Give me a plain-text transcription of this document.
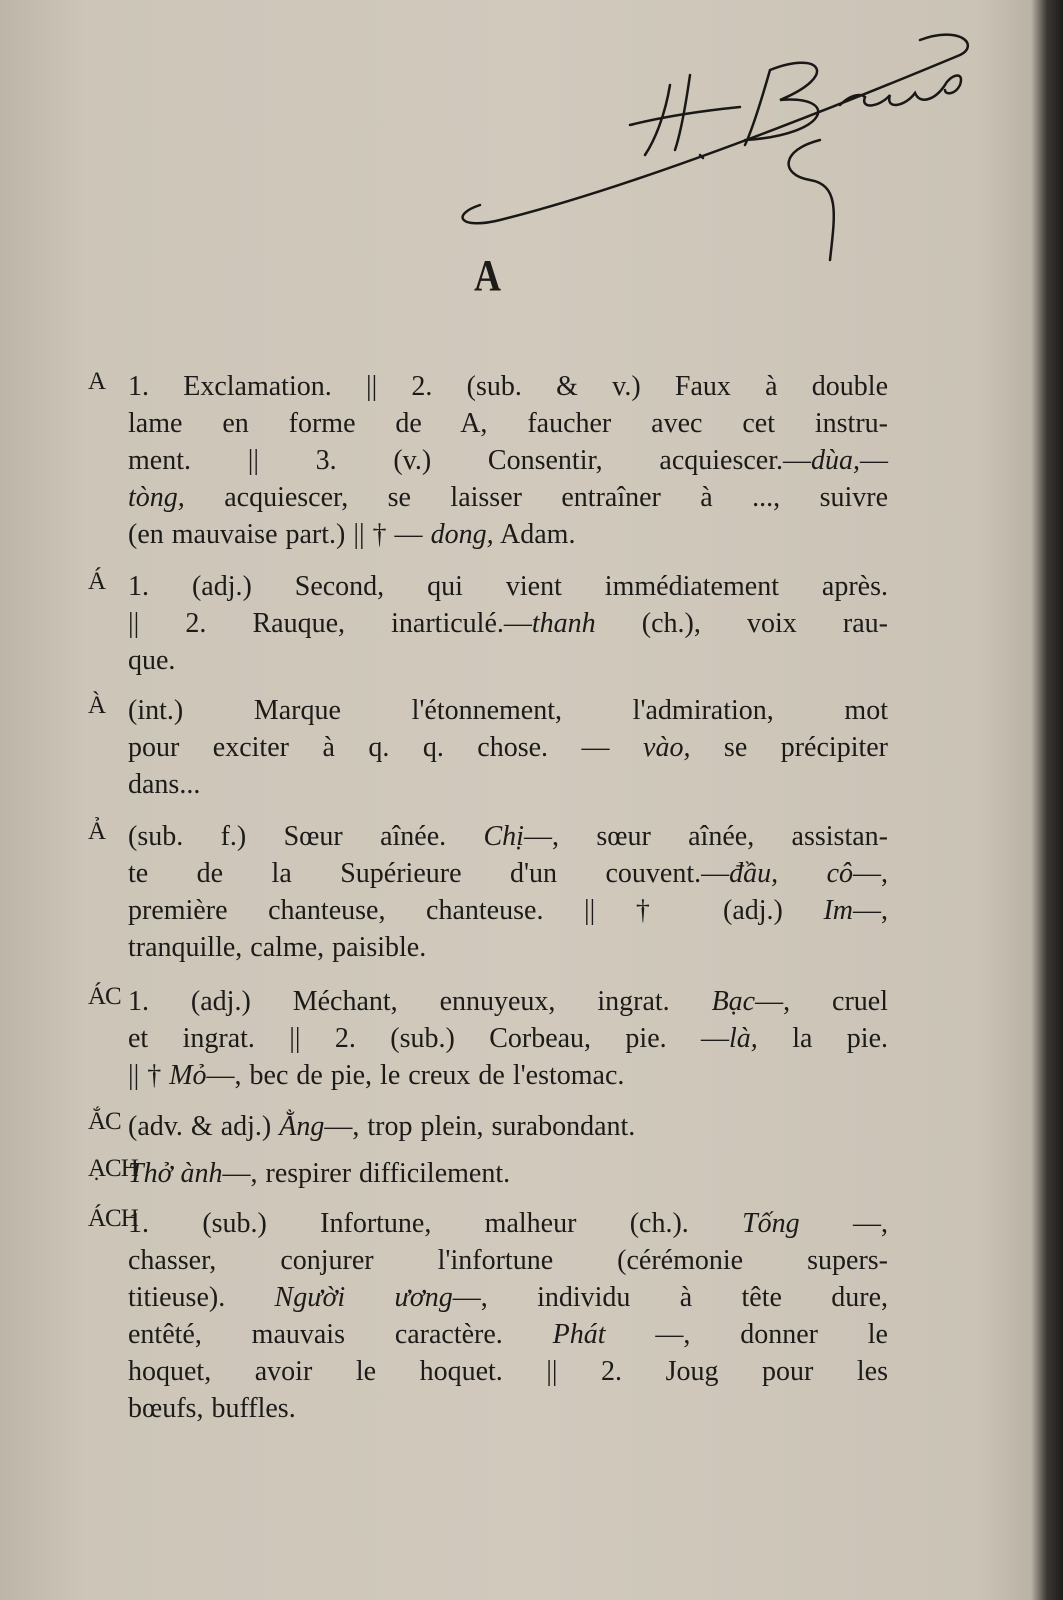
A
A 1. Exclamation. || 2. (sub. & v.) Faux à double
lame en forme de A, faucher avec cet instru-
ment. || 3. (v.) Consentir, acquiescer.—dùa,—
tòng, acquiescer, se laisser entraîner à ..., suivre
(en mauvaise part.) || † — dong, Adam.
Á 1. (adj.) Second, qui vient immédiatement après.
|| 2. Rauque, inarticulé.—thanh (ch.), voix rau-
que.
À (int.) Marque l'étonnement, l'admiration, mot
pour exciter à q. q. chose. — vào, se précipiter
dans...
Ả (sub. f.) Sœur aînée. Chị—, sœur aînée, assistan-
te de la Supérieure d'un couvent.—đầu, cô—,
première chanteuse, chanteuse. || † (adj.) Im—,
tranquille, calme, paisible.
ÁC 1. (adj.) Méchant, ennuyeux, ingrat. Bạc—, cruel
et ingrat. || 2. (sub.) Corbeau, pie. —là, la pie.
|| † Mỏ—, bec de pie, le creux de l'estomac.
ẮC (adv. & adj.) Ằng—, trop plein, surabondant.
ẠCH
Thở ành—, respirer difficilement.
ÁCH
1. (sub.) Infortune, malheur (ch.). Tống —,
chasser, conjurer l'infortune (cérémonie supers-
titieuse). Người ương—, individu à tête dure,
entêté, mauvais caractère. Phát —, donner le
hoquet, avoir le hoquet. || 2. Joug pour les
bœufs, buffles.
